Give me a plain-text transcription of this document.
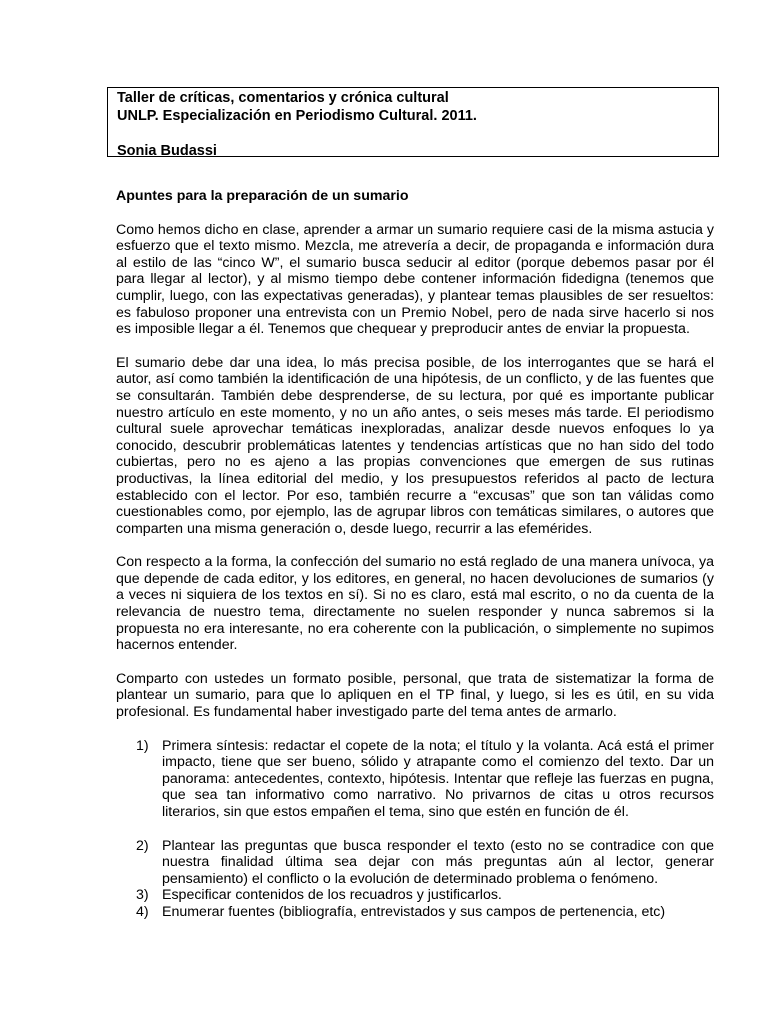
Taller de críticas, comentarios y crónica cultural
UNLP. Especialización en Periodismo Cultural. 2011.
Sonia Budassi

Apuntes para la preparación de un sumario

Como hemos dicho en clase, aprender a armar un sumario requiere casi de la misma astucia y esfuerzo que el texto mismo. Mezcla, me atrevería a decir, de propaganda e información dura al estilo de las “cinco W”, el sumario busca seducir al editor (porque debemos pasar por él para llegar al lector), y al mismo tiempo debe contener información fidedigna (tenemos que cumplir, luego, con las expectativas generadas), y plantear temas plausibles de ser resueltos: es fabuloso proponer una entrevista con un Premio Nobel, pero de nada sirve hacerlo si nos es imposible llegar a él. Tenemos que chequear y preproducir antes de enviar la propuesta.

El sumario debe dar una idea, lo más precisa posible, de los interrogantes que se hará el autor, así como también la identificación de una hipótesis, de un conflicto, y de las fuentes que se consultarán. También debe desprenderse, de su lectura, por qué es importante publicar nuestro artículo en este momento, y no un año antes, o seis meses más tarde. El periodismo cultural suele aprovechar temáticas inexploradas, analizar desde nuevos enfoques lo ya conocido, descubrir problemáticas latentes y tendencias artísticas que no han sido del todo cubiertas, pero no es ajeno a las propias convenciones que emergen de sus rutinas productivas, la línea editorial del medio, y los presupuestos referidos al pacto de lectura establecido con el lector. Por eso, también recurre a “excusas” que son tan válidas como cuestionables como, por ejemplo, las de agrupar libros con temáticas similares, o autores que comparten una misma generación o, desde luego, recurrir a las efemérides.

Con respecto a la forma, la confección del sumario no está reglado de una manera unívoca, ya que depende de cada editor, y los editores, en general, no hacen devoluciones de sumarios (y a veces ni siquiera de los textos en sí). Si no es claro, está mal escrito, o no da cuenta de la relevancia de nuestro tema, directamente no suelen responder y nunca sabremos si la propuesta no era interesante, no era coherente con la publicación, o simplemente no supimos hacernos entender.

Comparto con ustedes un formato posible, personal, que trata de sistematizar la forma de plantear un sumario, para que lo apliquen en el TP final, y luego, si les es útil, en su vida profesional. Es fundamental haber investigado parte del tema antes de armarlo.

1) Primera síntesis: redactar el copete de la nota; el título y la volanta. Acá está el primer impacto, tiene que ser bueno, sólido y atrapante como el comienzo del texto. Dar un panorama: antecedentes, contexto, hipótesis. Intentar que refleje las fuerzas en pugna, que sea tan informativo como narrativo. No privarnos de citas u otros recursos literarios, sin que estos empañen el tema, sino que estén en función de él.
2) Plantear las preguntas que busca responder el texto (esto no se contradice con que nuestra finalidad última sea dejar con más preguntas aún al lector, generar pensamiento) el conflicto o la evolución de determinado problema o fenómeno.
3) Especificar contenidos de los recuadros y justificarlos.
4) Enumerar fuentes (bibliografía, entrevistados y sus campos de pertenencia, etc)
